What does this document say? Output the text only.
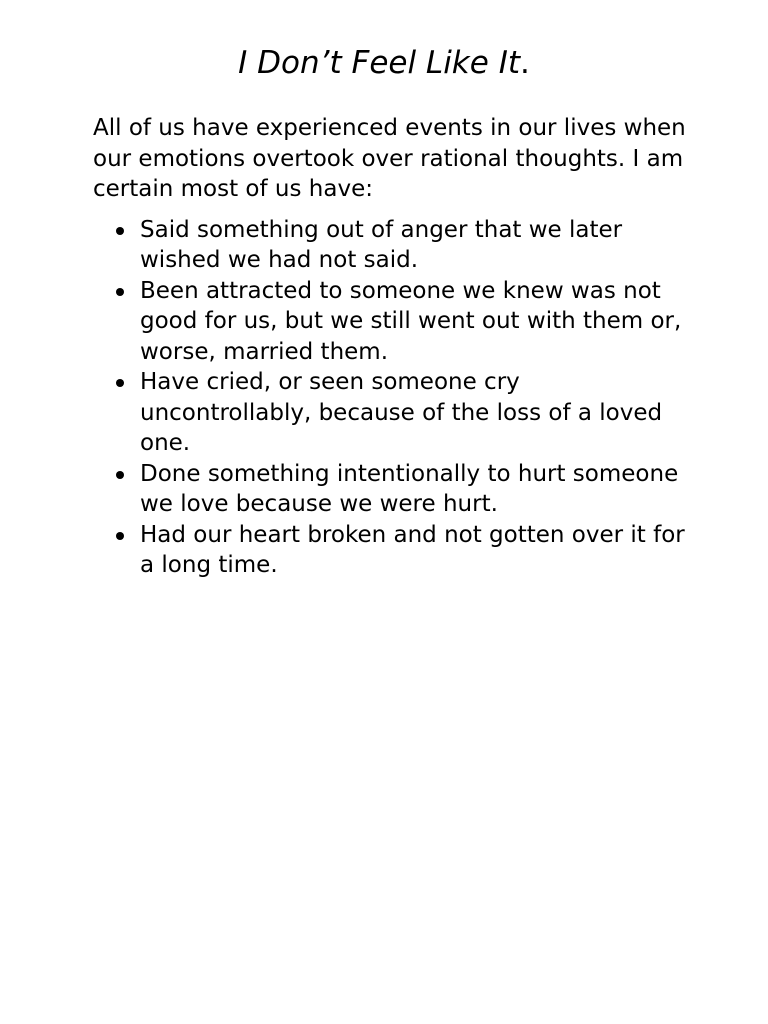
I Don’t Feel Like It.

All of us have experienced events in our lives when our emotions overtook over rational thoughts. I am certain most of us have:

Said something out of anger that we later wished we had not said.
Been attracted to someone we knew was not good for us, but we still went out with them or, worse, married them.
Have cried, or seen someone cry uncontrollably, because of the loss of a loved one.
Done something intentionally to hurt someone we love because we were hurt.
Had our heart broken and not gotten over it for a long time.
